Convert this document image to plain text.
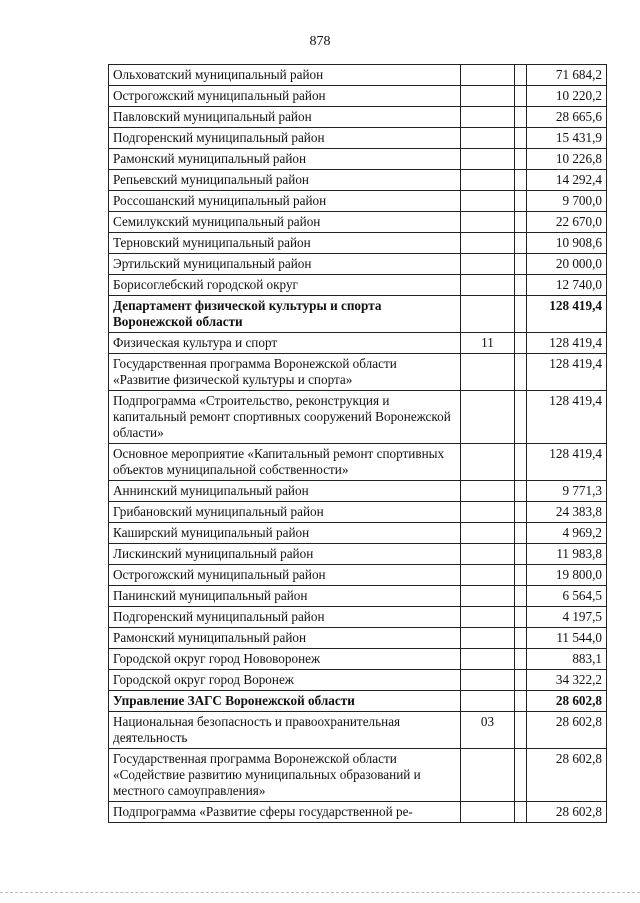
878
Ольховатский муниципальный район			71 684,2
Острогожский муниципальный район			10 220,2
Павловский муниципальный район			28 665,6
Подгоренский муниципальный район			15 431,9
Рамонский муниципальный район			10 226,8
Репьевский муниципальный район			14 292,4
Россошанский муниципальный район			9 700,0
Семилукский муниципальный район			22 670,0
Терновский муниципальный район			10 908,6
Эртильский муниципальный район			20 000,0
Борисоглебский городской округ			12 740,0
Департамент физической культуры и спорта Воронежской области			128 419,4
Физическая культура и спорт	11		128 419,4
Государственная программа Воронежской области «Развитие физической культуры и спорта»			128 419,4
Подпрограмма «Строительство, реконструкция и капитальный ремонт спортивных сооружений Воронежской области»			128 419,4
Основное мероприятие «Капитальный ремонт спортивных объектов муниципальной собственности»			128 419,4
Аннинский муниципальный район			9 771,3
Грибановский муниципальный район			24 383,8
Каширский муниципальный район			4 969,2
Лискинский муниципальный район			11 983,8
Острогожский муниципальный район			19 800,0
Панинский муниципальный район			6 564,5
Подгоренский муниципальный район			4 197,5
Рамонский муниципальный район			11 544,0
Городской округ город Нововоронеж			883,1
Городской округ город Воронеж			34 322,2
Управление ЗАГС Воронежской области			28 602,8
Национальная безопасность и правоохранительная деятельность	03		28 602,8
Государственная программа Воронежской области «Содействие развитию муниципальных образований и местного самоуправления»			28 602,8
Подпрограмма «Развитие сферы государственной ре-			28 602,8
